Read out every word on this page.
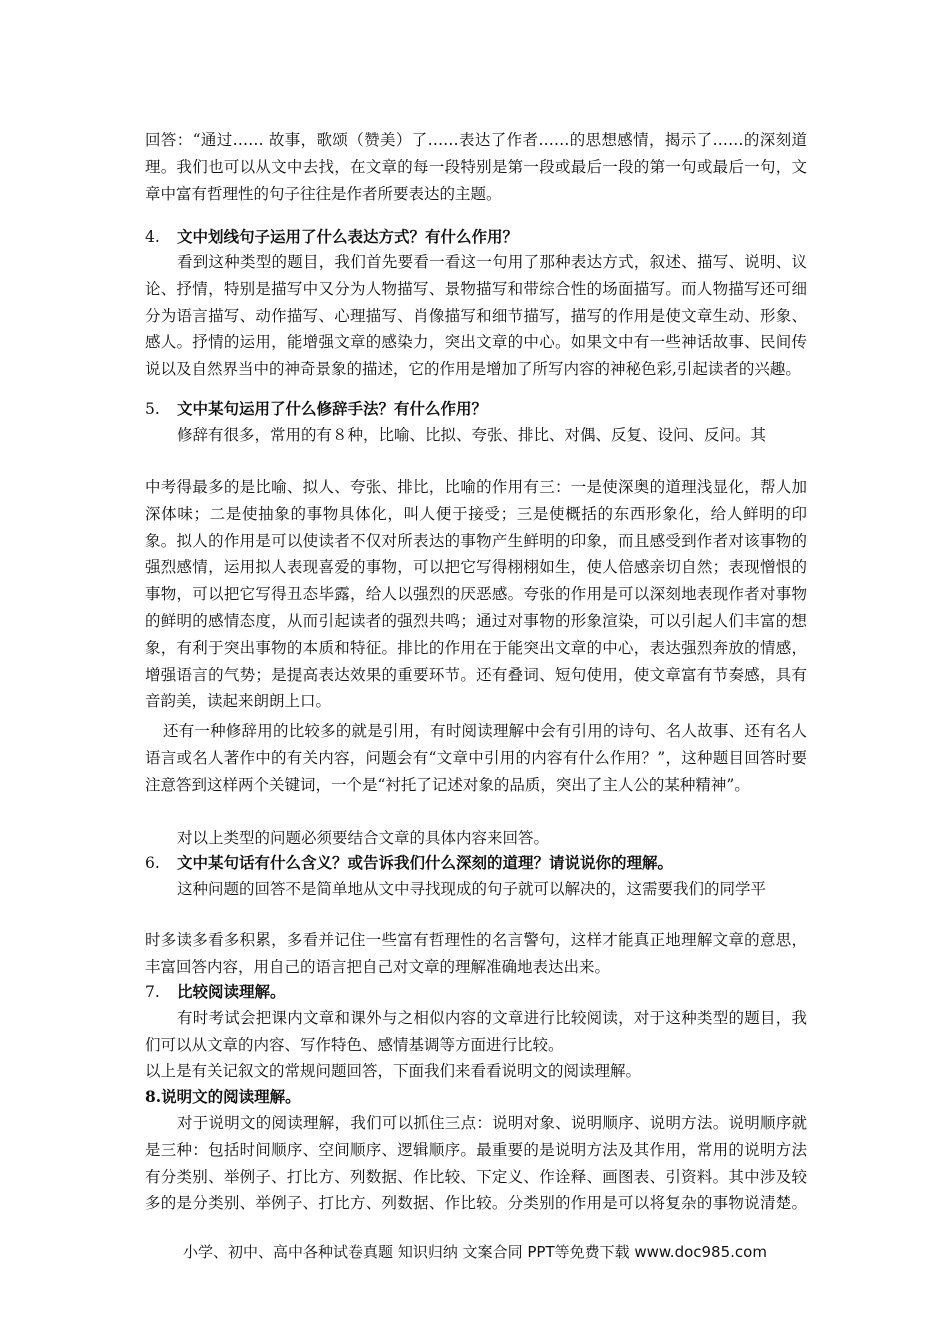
回答：“通过…… 故事，歌颂（赞美）了……表达了作者……的思想感情，揭示了……的深刻道理。我们也可以从文中去找，在文章的每一段特别是第一段或最后一段的第一句或最后一句，文章中富有哲理性的句子往往是作者所要表达的主题。

4. 文中划线句子运用了什么表达方式？有什么作用？

看到这种类型的题目，我们首先要看一看这一句用了那种表达方式，叙述、描写、说明、议论、抒情，特别是描写中又分为人物描写、景物描写和带综合性的场面描写。而人物描写还可细分为语言描写、动作描写、心理描写、肖像描写和细节描写，描写的作用是使文章生动、形象、感人。抒情的运用，能增强文章的感染力，突出文章的中心。如果文中有一些神话故事、民间传说以及自然界当中的神奇景象的描述，它的作用是增加了所写内容的神秘色彩,引起读者的兴趣。

5. 文中某句运用了什么修辞手法？有什么作用？

修辞有很多，常用的有８种，比喻、比拟、夸张、排比、对偶、反复、设问、反问。其

中考得最多的是比喻、拟人、夸张、排比，比喻的作用有三：一是使深奥的道理浅显化，帮人加深体味；二是使抽象的事物具体化，叫人便于接受；三是使概括的东西形象化，给人鲜明的印象。拟人的作用是可以使读者不仅对所表达的事物产生鲜明的印象，而且感受到作者对该事物的强烈感情，运用拟人表现喜爱的事物，可以把它写得栩栩如生，使人倍感亲切自然；表现憎恨的事物，可以把它写得丑态毕露，给人以强烈的厌恶感。夸张的作用是可以深刻地表现作者对事物的鲜明的感情态度，从而引起读者的强烈共鸣；通过对事物的形象渲染，可以引起人们丰富的想象，有利于突出事物的本质和特征。排比的作用在于能突出文章的中心，表达强烈奔放的情感，增强语言的气势；是提高表达效果的重要环节。还有叠词、短句使用，使文章富有节奏感，具有音韵美，读起来朗朗上口。

还有一种修辞用的比较多的就是引用，有时阅读理解中会有引用的诗句、名人故事、还有名人语言或名人著作中的有关内容，问题会有“文章中引用的内容有什么作用？”，这种题目回答时要注意答到这样两个关键词，一个是“衬托了记述对象的品质，突出了主人公的某种精神”。

对以上类型的问题必须要结合文章的具体内容来回答。

6. 文中某句话有什么含义？或告诉我们什么深刻的道理？请说说你的理解。

这种问题的回答不是简单地从文中寻找现成的句子就可以解决的，这需要我们的同学平

时多读多看多积累，多看并记住一些富有哲理性的名言警句，这样才能真正地理解文章的意思，丰富回答内容，用自己的语言把自己对文章的理解准确地表达出来。

7. 比较阅读理解。

有时考试会把课内文章和课外与之相似内容的文章进行比较阅读，对于这种类型的题目，我们可以从文章的内容、写作特色、感情基调等方面进行比较。

以上是有关记叙文的常规问题回答，下面我们来看看说明文的阅读理解。

8.说明文的阅读理解。

对于说明文的阅读理解，我们可以抓住三点：说明对象、说明顺序、说明方法。说明顺序就是三种：包括时间顺序、空间顺序、逻辑顺序。最重要的是说明方法及其作用，常用的说明方法有分类别、举例子、打比方、列数据、作比较、下定义、作诠释、画图表、引资料。其中涉及较多的是分类别、举例子、打比方、列数据、作比较。分类别的作用是可以将复杂的事物说清楚。

小学、初中、高中各种试卷真题 知识归纳 文案合同 PPT等免费下载 www.doc985.com
